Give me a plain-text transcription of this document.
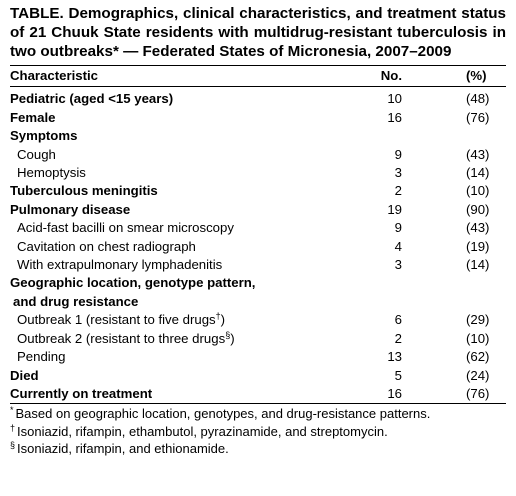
TABLE. Demographics, clinical characteristics, and treatment status of 21 Chuuk State residents with multidrug-resistant tuberculosis in two outbreaks* — Federated States of Micronesia, 2007–2009
Characteristic	No.	(%)

Pediatric (aged <15 years)	10	(48)
Female	16	(76)
Symptoms		
Cough	9	(43)
Hemoptysis	3	(14)
Tuberculous meningitis	2	(10)
Pulmonary disease	19	(90)
Acid-fast bacilli on smear microscopy	9	(43)
Cavitation on chest radiograph	4	(19)
With extrapulmonary lymphadenitis	3	(14)
Geographic location, genotype pattern,		
and drug resistance		
Outbreak 1 (resistant to five drugs†)	6	(29)
Outbreak 2 (resistant to three drugs§)	2	(10)
Pending	13	(62)
Died	5	(24)
Currently on treatment	16	(76)
* Based on geographic location, genotypes, and drug-resistance patterns.
† Isoniazid, rifampin, ethambutol, pyrazinamide, and streptomycin.
§ Isoniazid, rifampin, and ethionamide.
